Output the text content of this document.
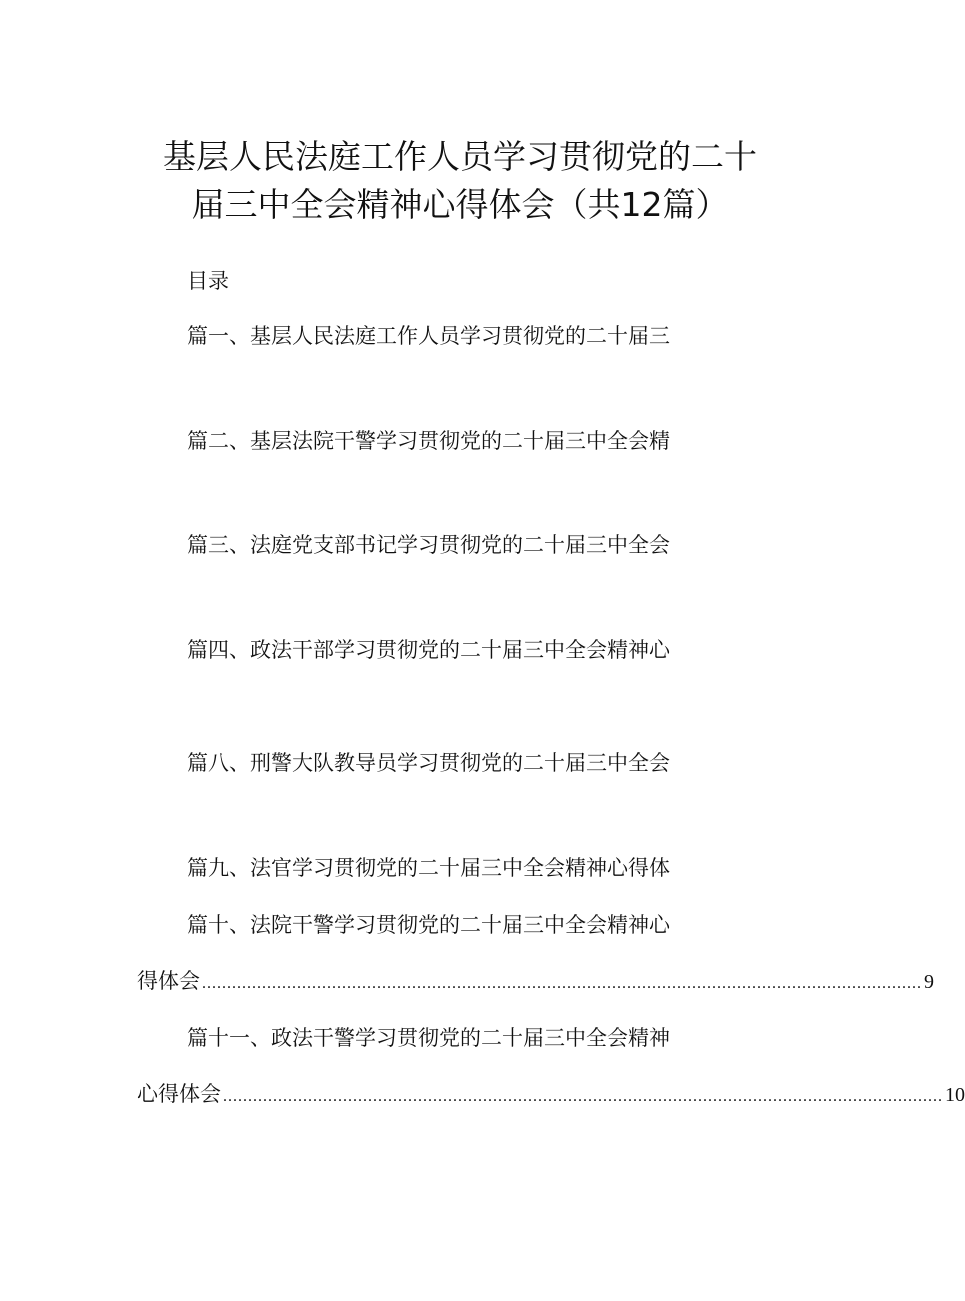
基层人民法庭工作人员学习贯彻党的二十
届三中全会精神心得体会（共12篇）
目录
篇一、基层人民法庭工作人员学习贯彻党的二十届三
篇二、基层法院干警学习贯彻党的二十届三中全会精
篇三、法庭党支部书记学习贯彻党的二十届三中全会
篇四、政法干部学习贯彻党的二十届三中全会精神心
篇八、刑警大队教导员学习贯彻党的二十届三中全会
篇九、法官学习贯彻党的二十届三中全会精神心得体
篇十、法院干警学习贯彻党的二十届三中全会精神心
得体会 ................................................................................................................................................ 9
篇十一、政法干警学习贯彻党的二十届三中全会精神
心得体会 ................................................................................................................................................ 10
